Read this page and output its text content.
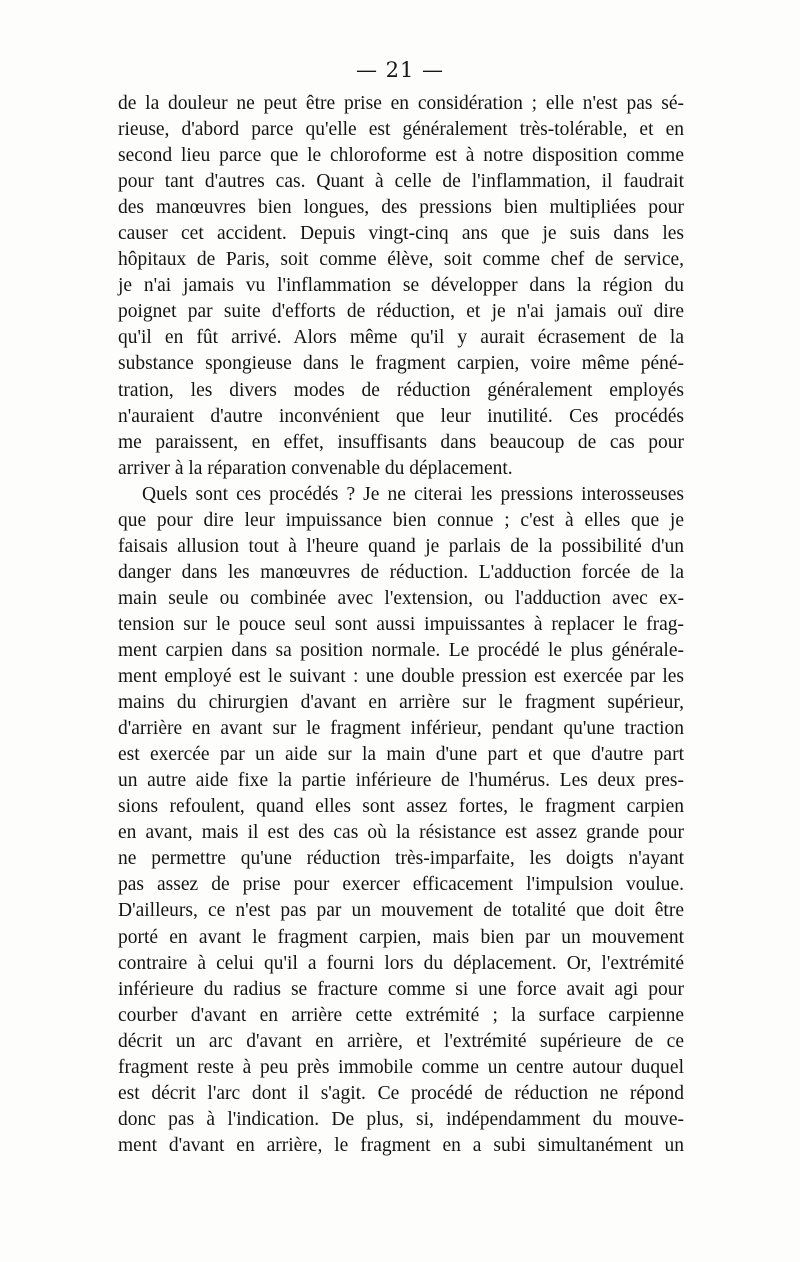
— 21 —
de la douleur ne peut être prise en considération ; elle n'est pas sé-
rieuse, d'abord parce qu'elle est généralement très-tolérable, et en
second lieu parce que le chloroforme est à notre disposition comme
pour tant d'autres cas. Quant à celle de l'inflammation, il faudrait
des manœuvres bien longues, des pressions bien multipliées pour
causer cet accident. Depuis vingt-cinq ans que je suis dans les
hôpitaux de Paris, soit comme élève, soit comme chef de service,
je n'ai jamais vu l'inflammation se développer dans la région du
poignet par suite d'efforts de réduction, et je n'ai jamais ouï dire
qu'il en fût arrivé. Alors même qu'il y aurait écrasement de la
substance spongieuse dans le fragment carpien, voire même péné-
tration, les divers modes de réduction généralement employés
n'auraient d'autre inconvénient que leur inutilité. Ces procédés
me paraissent, en effet, insuffisants dans beaucoup de cas pour
arriver à la réparation convenable du déplacement.
Quels sont ces procédés ? Je ne citerai les pressions interosseuses
que pour dire leur impuissance bien connue ; c'est à elles que je
faisais allusion tout à l'heure quand je parlais de la possibilité d'un
danger dans les manœuvres de réduction. L'adduction forcée de la
main seule ou combinée avec l'extension, ou l'adduction avec ex-
tension sur le pouce seul sont aussi impuissantes à replacer le frag-
ment carpien dans sa position normale. Le procédé le plus générale-
ment employé est le suivant : une double pression est exercée par les
mains du chirurgien d'avant en arrière sur le fragment supérieur,
d'arrière en avant sur le fragment inférieur, pendant qu'une traction
est exercée par un aide sur la main d'une part et que d'autre part
un autre aide fixe la partie inférieure de l'humérus. Les deux pres-
sions refoulent, quand elles sont assez fortes, le fragment carpien
en avant, mais il est des cas où la résistance est assez grande pour
ne permettre qu'une réduction très-imparfaite, les doigts n'ayant
pas assez de prise pour exercer efficacement l'impulsion voulue.
D'ailleurs, ce n'est pas par un mouvement de totalité que doit être
porté en avant le fragment carpien, mais bien par un mouvement
contraire à celui qu'il a fourni lors du déplacement. Or, l'extrémité
inférieure du radius se fracture comme si une force avait agi pour
courber d'avant en arrière cette extrémité ; la surface carpienne
décrit un arc d'avant en arrière, et l'extrémité supérieure de ce
fragment reste à peu près immobile comme un centre autour duquel
est décrit l'arc dont il s'agit. Ce procédé de réduction ne répond
donc pas à l'indication. De plus, si, indépendamment du mouve-
ment d'avant en arrière, le fragment en a subi simultanément un
